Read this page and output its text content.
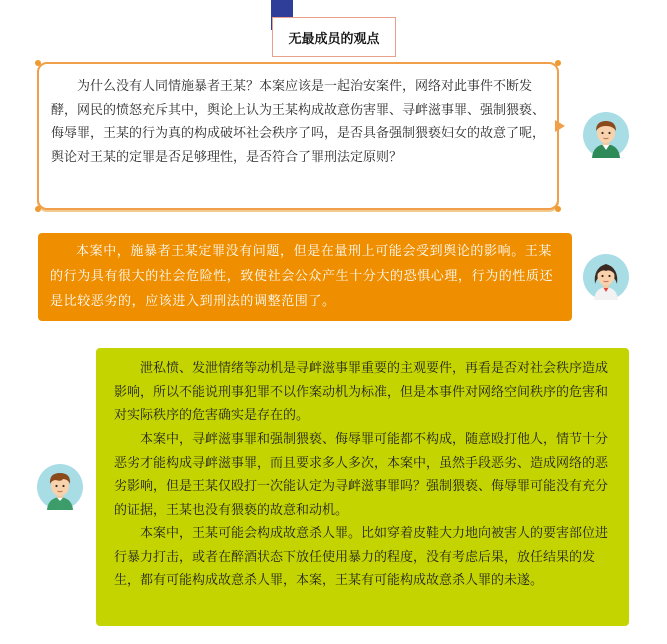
无最成员的观点
为什么没有人同情施暴者王某？本案应该是一起治安案件，网络对此事件不断发酵，网民的愤怒充斥其中，舆论上认为王某构成故意伤害罪、寻衅滋事罪、强制猥亵、侮辱罪，王某的行为真的构成破坏社会秩序了吗，是否具备强制猥亵妇女的故意了呢，舆论对王某的定罪是否足够理性，是否符合了罪刑法定原则？
本案中，施暴者王某定罪没有问题，但是在量刑上可能会受到舆论的影响。王某的行为具有很大的社会危险性，致使社会公众产生十分大的恐惧心理，行为的性质还是比较恶劣的，应该进入到刑法的调整范围了。
泄私愤、发泄情绪等动机是寻衅滋事罪重要的主观要件，再看是否对社会秩序造成影响，所以不能说刑事犯罪不以作案动机为标准，但是本事件对网络空间秩序的危害和对实际秩序的危害确实是存在的。
本案中，寻衅滋事罪和强制猥亵、侮辱罪可能都不构成，随意殴打他人，情节十分恶劣才能构成寻衅滋事罪，而且要求多人多次，本案中，虽然手段恶劣、造成网络的恶劣影响，但是王某仅殴打一次能认定为寻衅滋事罪吗？强制猥亵、侮辱罪可能没有充分的证据，王某也没有猥亵的故意和动机。
本案中，王某可能会构成故意杀人罪。比如穿着皮鞋大力地向被害人的要害部位进行暴力打击，或者在醉酒状态下放任使用暴力的程度，没有考虑后果，放任结果的发生，都有可能构成故意杀人罪，本案，王某有可能构成故意杀人罪的未遂。
